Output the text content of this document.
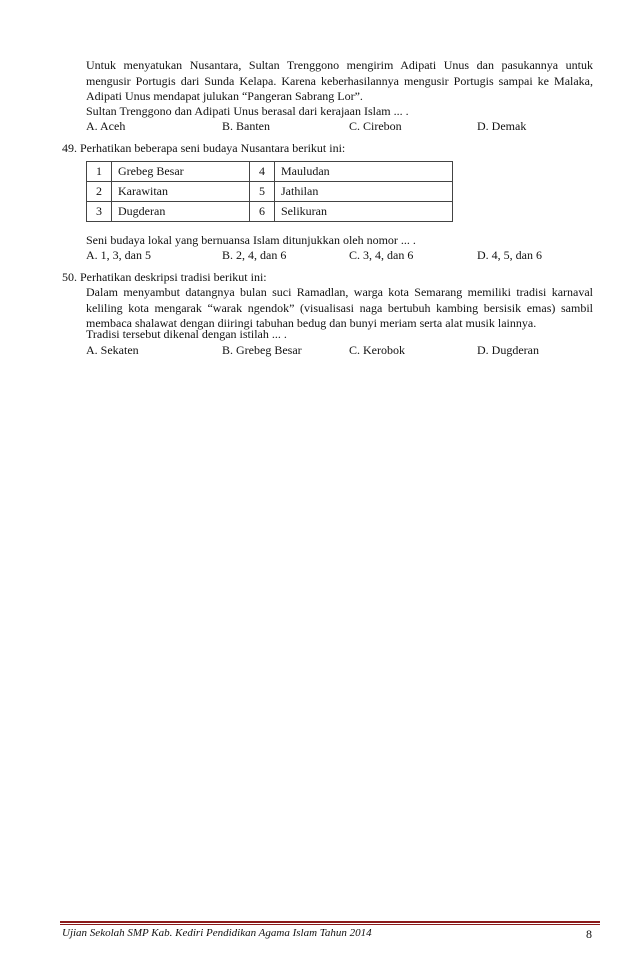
Untuk menyatukan Nusantara, Sultan Trenggono mengirim Adipati Unus dan pasukannya untuk mengusir Portugis dari Sunda Kelapa. Karena keberhasilannya mengusir Portugis sampai ke Malaka, Adipati Unus mendapat julukan “Pangeran Sabrang Lor”.
Sultan Trenggono dan Adipati Unus berasal dari kerajaan Islam ... .
A. Aceh	B. Banten	C. Cirebon	D. Demak
49. Perhatikan beberapa seni budaya Nusantara berikut ini:
1	Grebeg Besar	4	Mauludan
2	Karawitan	5	Jathilan
3	Dugderan	6	Selikuran
Seni budaya lokal yang bernuansa Islam ditunjukkan oleh nomor ... .
A. 1, 3, dan 5	B. 2, 4, dan 6	C. 3, 4, dan 6	D. 4, 5, dan 6
50. Perhatikan deskripsi tradisi berikut ini:
Dalam menyambut datangnya bulan suci Ramadlan, warga kota Semarang memiliki tradisi karnaval keliling kota mengarak “warak ngendok” (visualisasi naga bertubuh kambing bersisik emas) sambil membaca shalawat dengan diiringi tabuhan bedug dan bunyi meriam serta alat musik lainnya.
Tradisi tersebut dikenal dengan istilah ... .
A. Sekaten	B. Grebeg Besar	C. Kerobok	D. Dugderan
Ujian Sekolah SMP Kab. Kediri Pendidikan Agama Islam Tahun 2014	8
